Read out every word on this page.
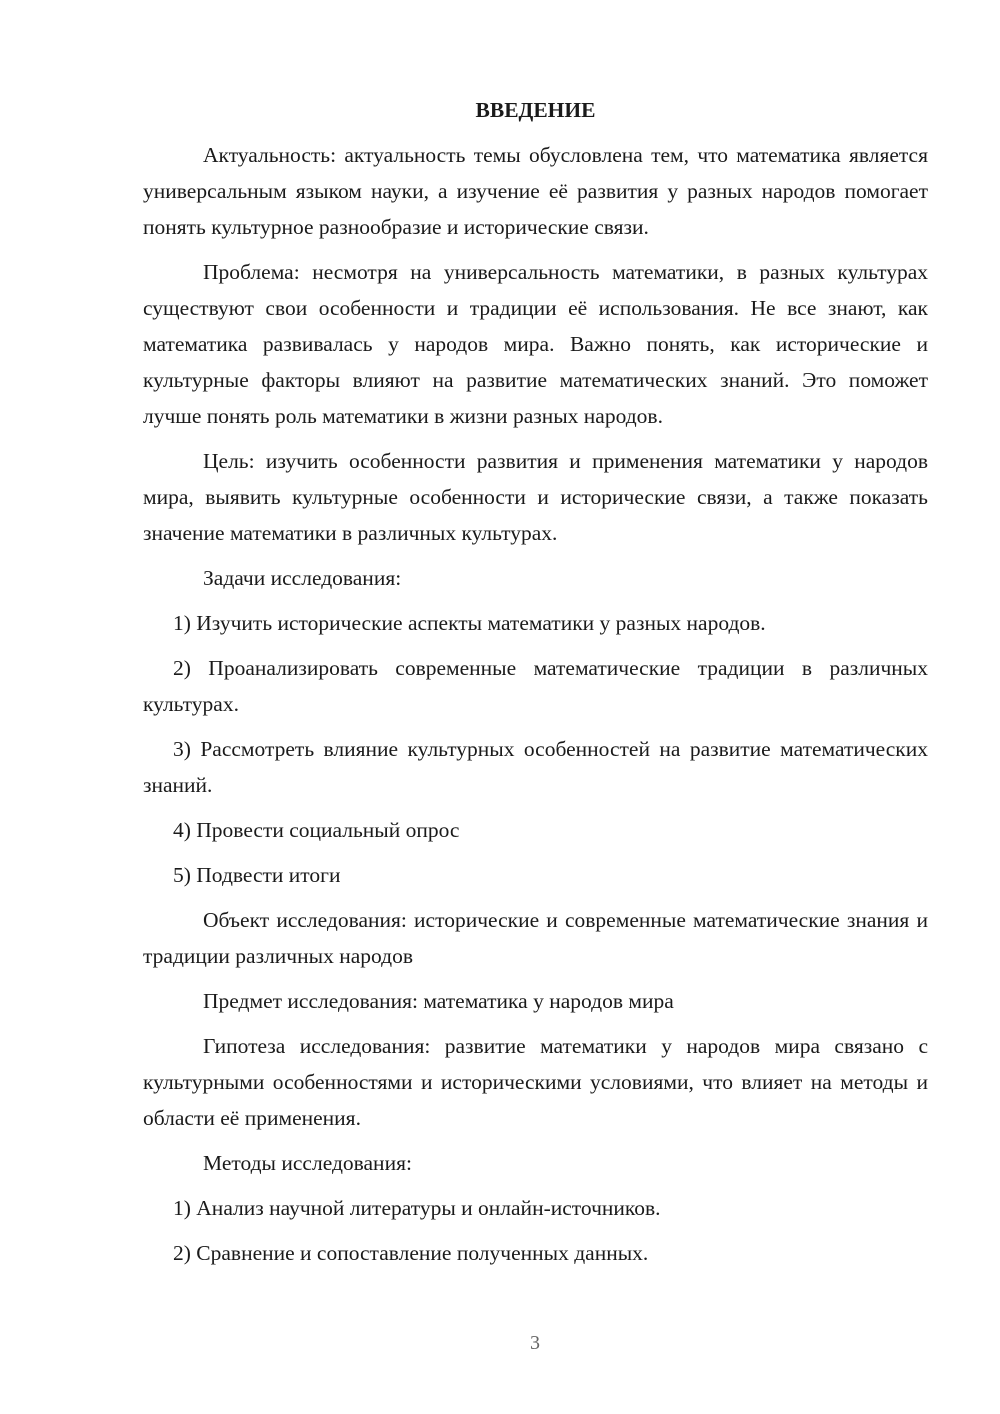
ВВЕДЕНИЕ

Актуальность: актуальность темы обусловлена тем, что математика является универсальным языком науки, а изучение её развития у разных народов помогает понять культурное разнообразие и исторические связи.

Проблема: несмотря на универсальность математики, в разных культурах существуют свои особенности и традиции её использования. Не все знают, как математика развивалась у народов мира. Важно понять, как исторические и культурные факторы влияют на развитие математических знаний. Это поможет лучше понять роль математики в жизни разных народов.

Цель: изучить особенности развития и применения математики у народов мира, выявить культурные особенности и исторические связи, а также показать значение математики в различных культурах.

Задачи исследования:

1) Изучить исторические аспекты математики у разных народов.

2) Проанализировать современные математические традиции в различных культурах.

3) Рассмотреть влияние культурных особенностей на развитие математических знаний.

4) Провести социальный опрос

5) Подвести итоги

Объект исследования: исторические и современные математические знания и традиции различных народов

Предмет исследования: математика у народов мира

Гипотеза исследования: развитие математики у народов мира связано с культурными особенностями и историческими условиями, что влияет на методы и области её применения.

Методы исследования:

1) Анализ научной литературы и онлайн-источников.

2) Сравнение и сопоставление полученных данных.

3
